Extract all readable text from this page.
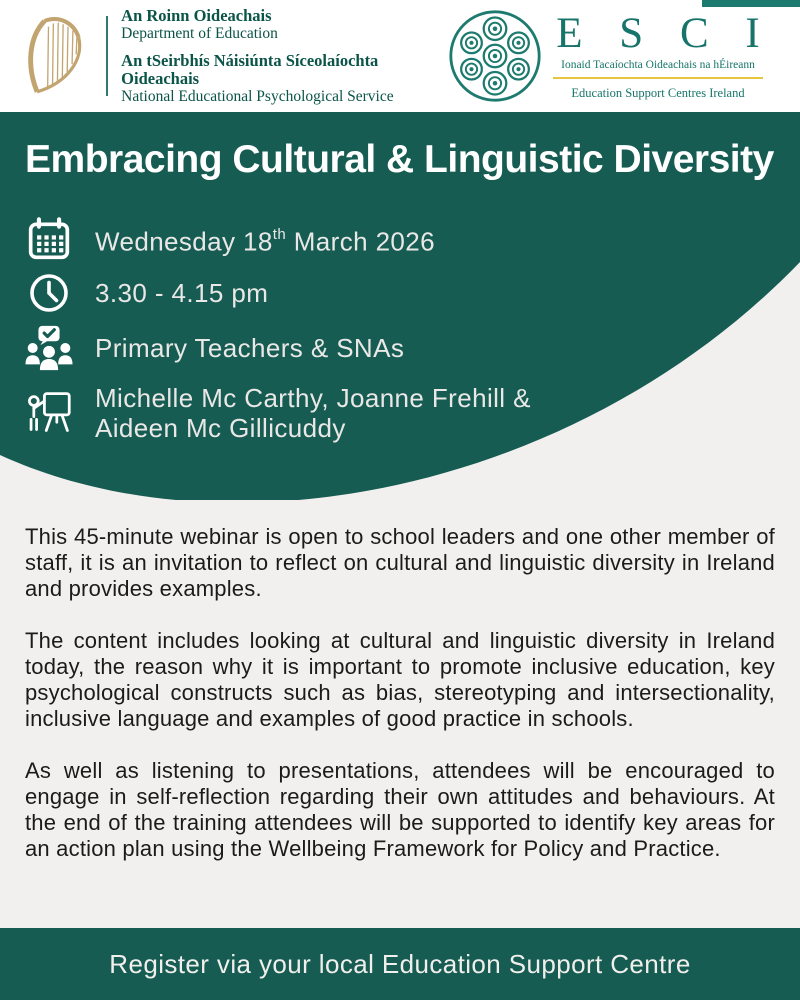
An Roinn Oideachais
Department of Education
An tSeirbhís Náisiúnta Síceolaíochta Oideachais
National Educational Psychological Service
E S C I
Ionaid Tacaíochta Oideachais na hÉireann
Education Support Centres Ireland
Embracing Cultural & Linguistic Diversity
Wednesday 18th March 2026
3.30 - 4.15 pm
Primary Teachers & SNAs
Michelle Mc Carthy, Joanne Frehill &
Aideen Mc Gillicuddy

This 45-minute webinar is open to school leaders and one other member of staff, it is an invitation to reflect on cultural and linguistic diversity in Ireland and provides examples.

The content includes looking at cultural and linguistic diversity in Ireland today, the reason why it is important to promote inclusive education, key psychological constructs such as bias, stereotyping and intersectionality, inclusive language and examples of good practice in schools.

As well as listening to presentations, attendees will be encouraged to engage in self-reflection regarding their own attitudes and behaviours. At the end of the training attendees will be supported to identify key areas for an action plan using the Wellbeing Framework for Policy and Practice.

Register via your local Education Support Centre
